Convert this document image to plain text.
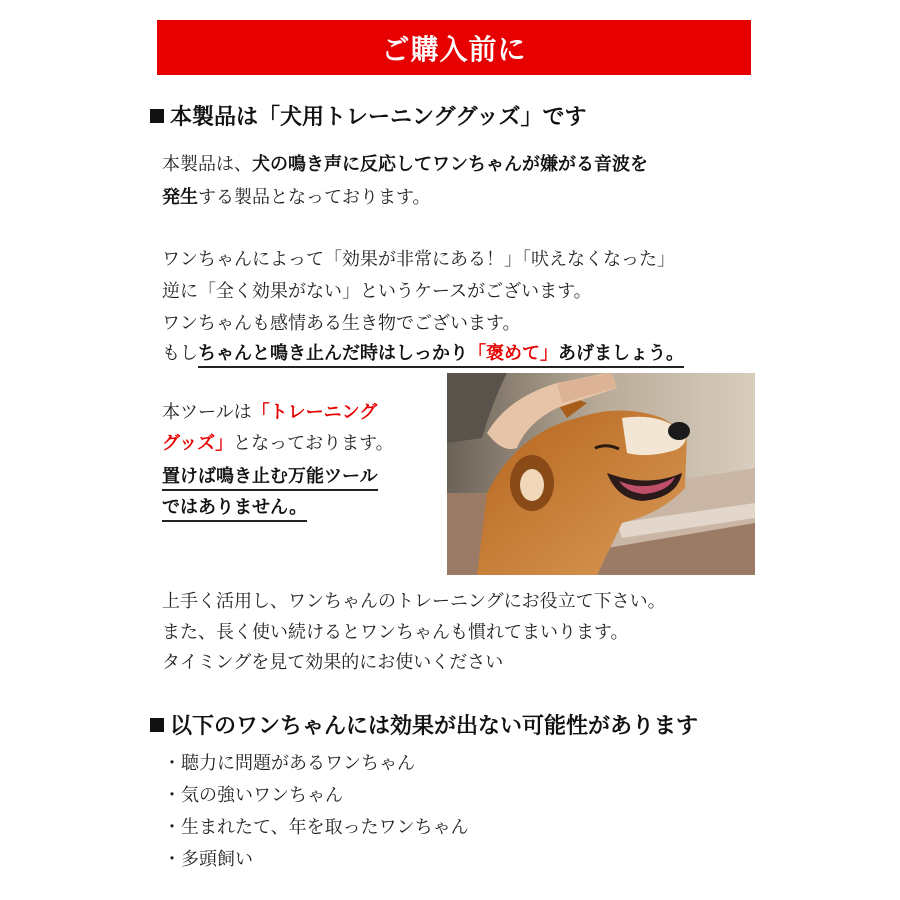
ご購入前に
本製品は「犬用トレーニンググッズ」です
本製品は、犬の鳴き声に反応してワンちゃんが嫌がる音波を
発生する製品となっております。
ワンちゃんによって「効果が非常にある！」「吠えなくなった」
逆に「全く効果がない」というケースがございます。
ワンちゃんも感情ある生き物でございます。
もしちゃんと鳴き止んだ時はしっかり「褒めて」あげましょう。
本ツールは「トレーニング
グッズ」となっております。
置けば鳴き止む万能ツール
ではありません。
上手く活用し、ワンちゃんのトレーニングにお役立て下さい。
また、長く使い続けるとワンちゃんも慣れてまいります。
タイミングを見て効果的にお使いください
以下のワンちゃんには効果が出ない可能性があります
・聴力に問題があるワンちゃん
・気の強いワンちゃん
・生まれたて、年を取ったワンちゃん
・多頭飼い
